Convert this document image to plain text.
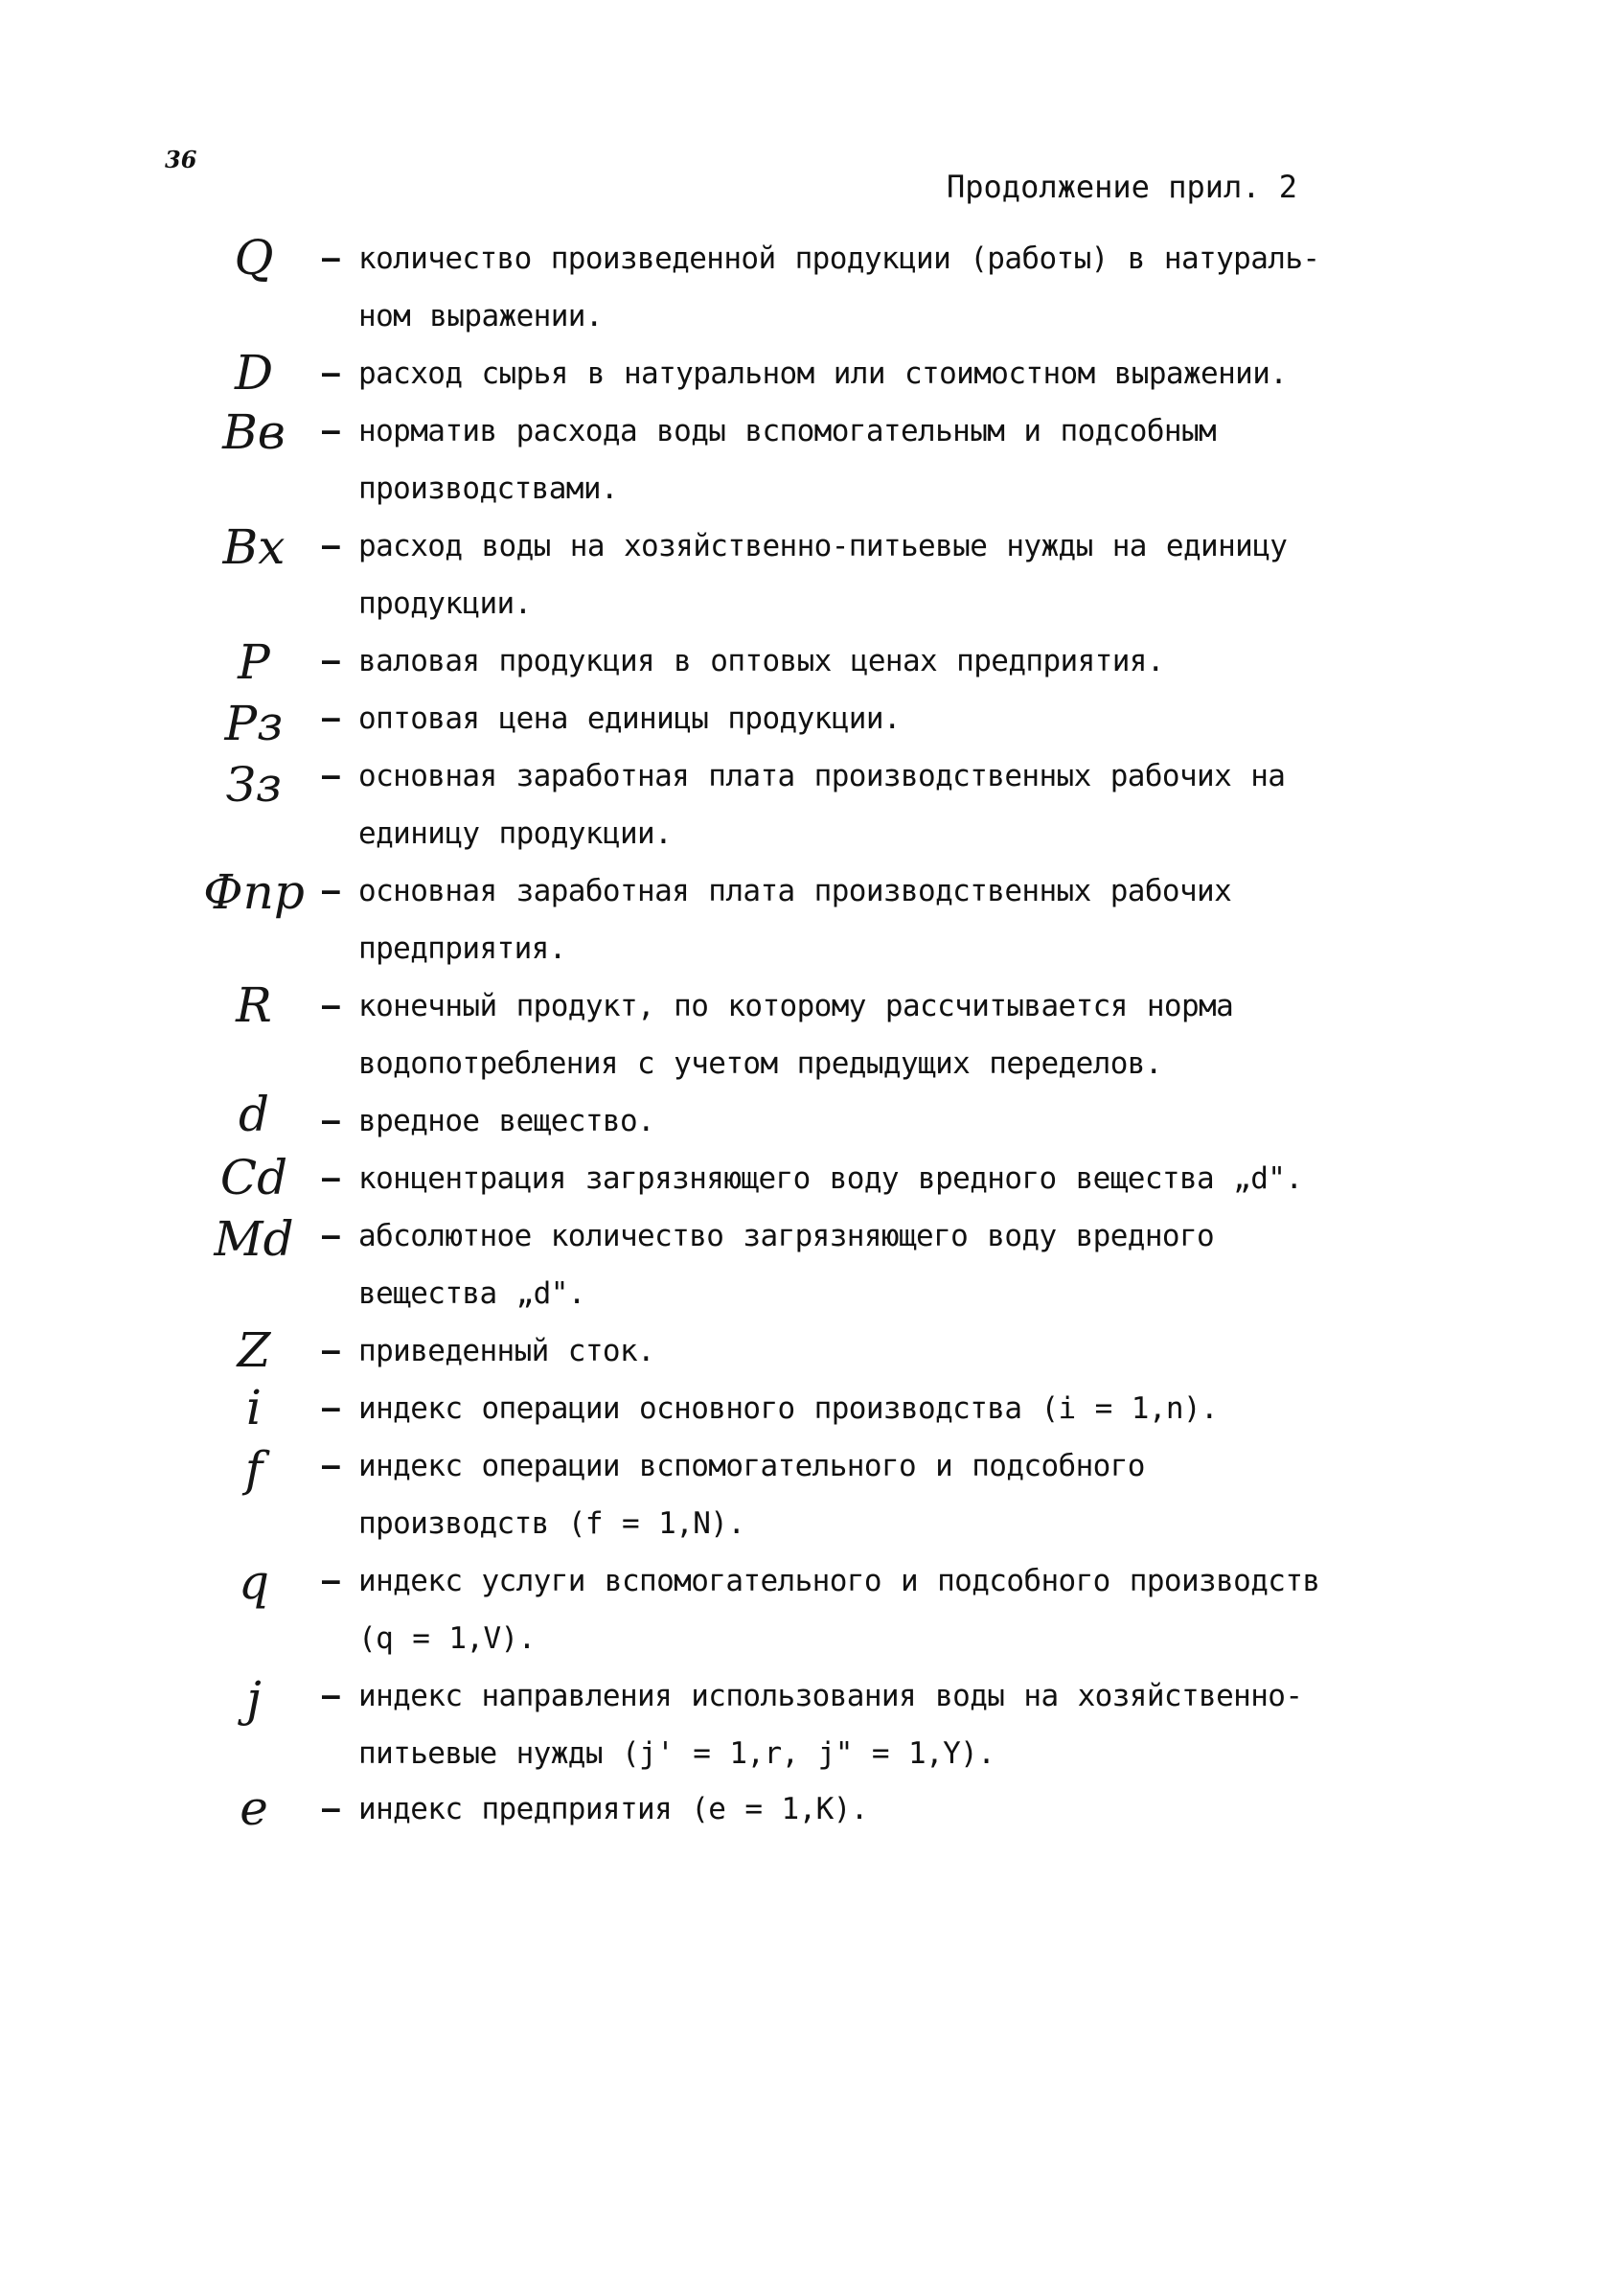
36
Продолжение прил. 2
Q	– количество произведенной продукции (работы) в натураль-
ном выражении.
D	– расход сырья в натуральном или стоимостном выражении.
Bв	– норматив расхода воды вспомогательным и подсобным
производствами.
Bх	– расход воды на хозяйственно-питьевые нужды на единицу
продукции.
P	– валовая продукция в оптовых ценах предприятия.
Pз	– оптовая цена единицы продукции.
Зз	– основная заработная плата производственных рабочих на
единицу продукции.
Фпр – основная заработная плата производственных рабочих
предприятия.
R	– конечный продукт, по которому рассчитывается норма
водопотребления с учетом предыдущих переделов.
d	– вредное вещество.
Cd	– концентрация загрязняющего воду вредного вещества „d".
Md – абсолютное количество загрязняющего воду вредного
вещества „d".
Z	– приведенный сток.
i	– индекс операции основного производства (i = 1,n).
f	– индекс операции вспомогательного и подсобного
производств (f = 1,N).
q	– индекс услуги вспомогательного и подсобного производств
(q = 1,V).
j	– индекс направления использования воды на хозяйственно-
питьевые нужды (j' = 1,r, j" = 1,Y).
e	– индекс предприятия (e = 1,K).
